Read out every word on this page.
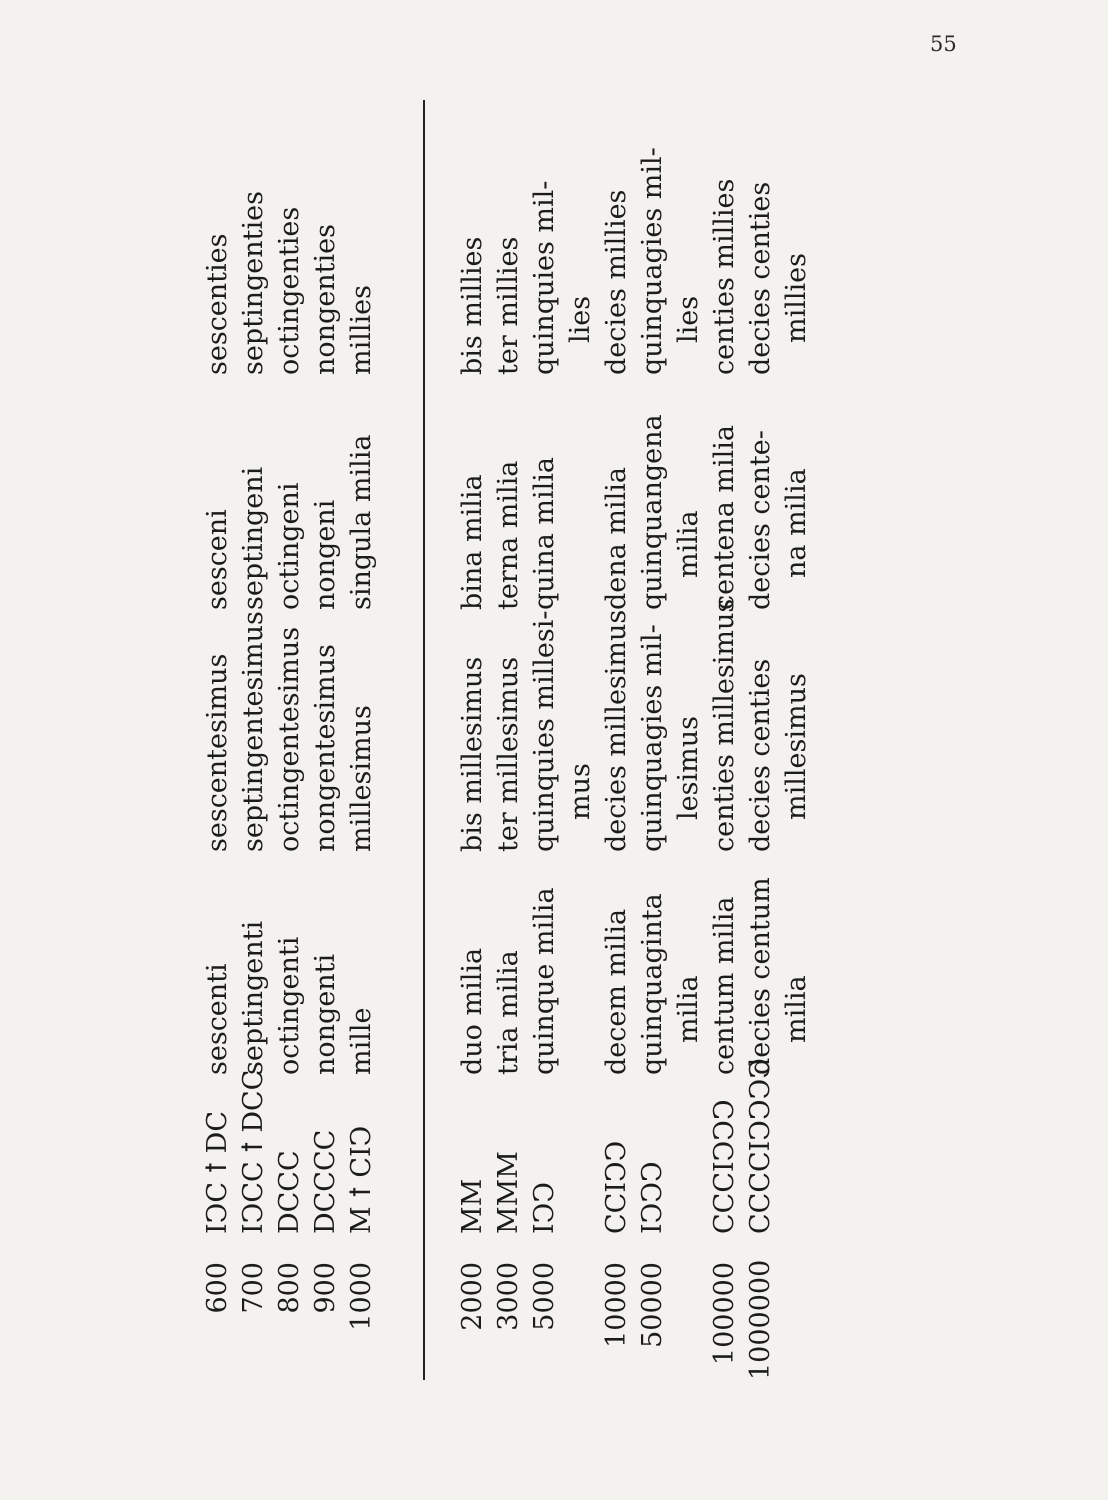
55
600
IↃC ꝉ DC
sescenti
sescentesimus
sesceni
sescenties
700
IↃCC ꝉ DCC
septingenti
septingentesimus
septingeni
septingenties
800
DCCC
octingenti
octingentesimus
octingeni
octingenties
900
DCCCC
nongenti
nongentesimus
nongeni
nongenties
1000
M ꝉ CIↃ
mille
millesimus
singula milia
millies
2000
MM
duo milia
bis millesimus
bina milia
bis millies
3000
MMM
tria milia
ter millesimus
terna milia
ter millies
5000
IↃↃ
quinque milia
quinquies millesi- mus
quina milia
quinquies mil- lies
10000
CCIↃↃ
decem milia
decies millesimus
dena milia
decies millies
50000
IↃↃↃ
quinquaginta milia
quinquagies mil- lesimus
quinquangena milia
quinquagies mil- lies
100000
CCCIↃↃↃ
centum milia
centies millesimus
centena milia
centies millies
1000000
CCCCIↃↃↃↃ
decies centum milia
decies centies millesimus
decies cente- na milia
decies centies millies
